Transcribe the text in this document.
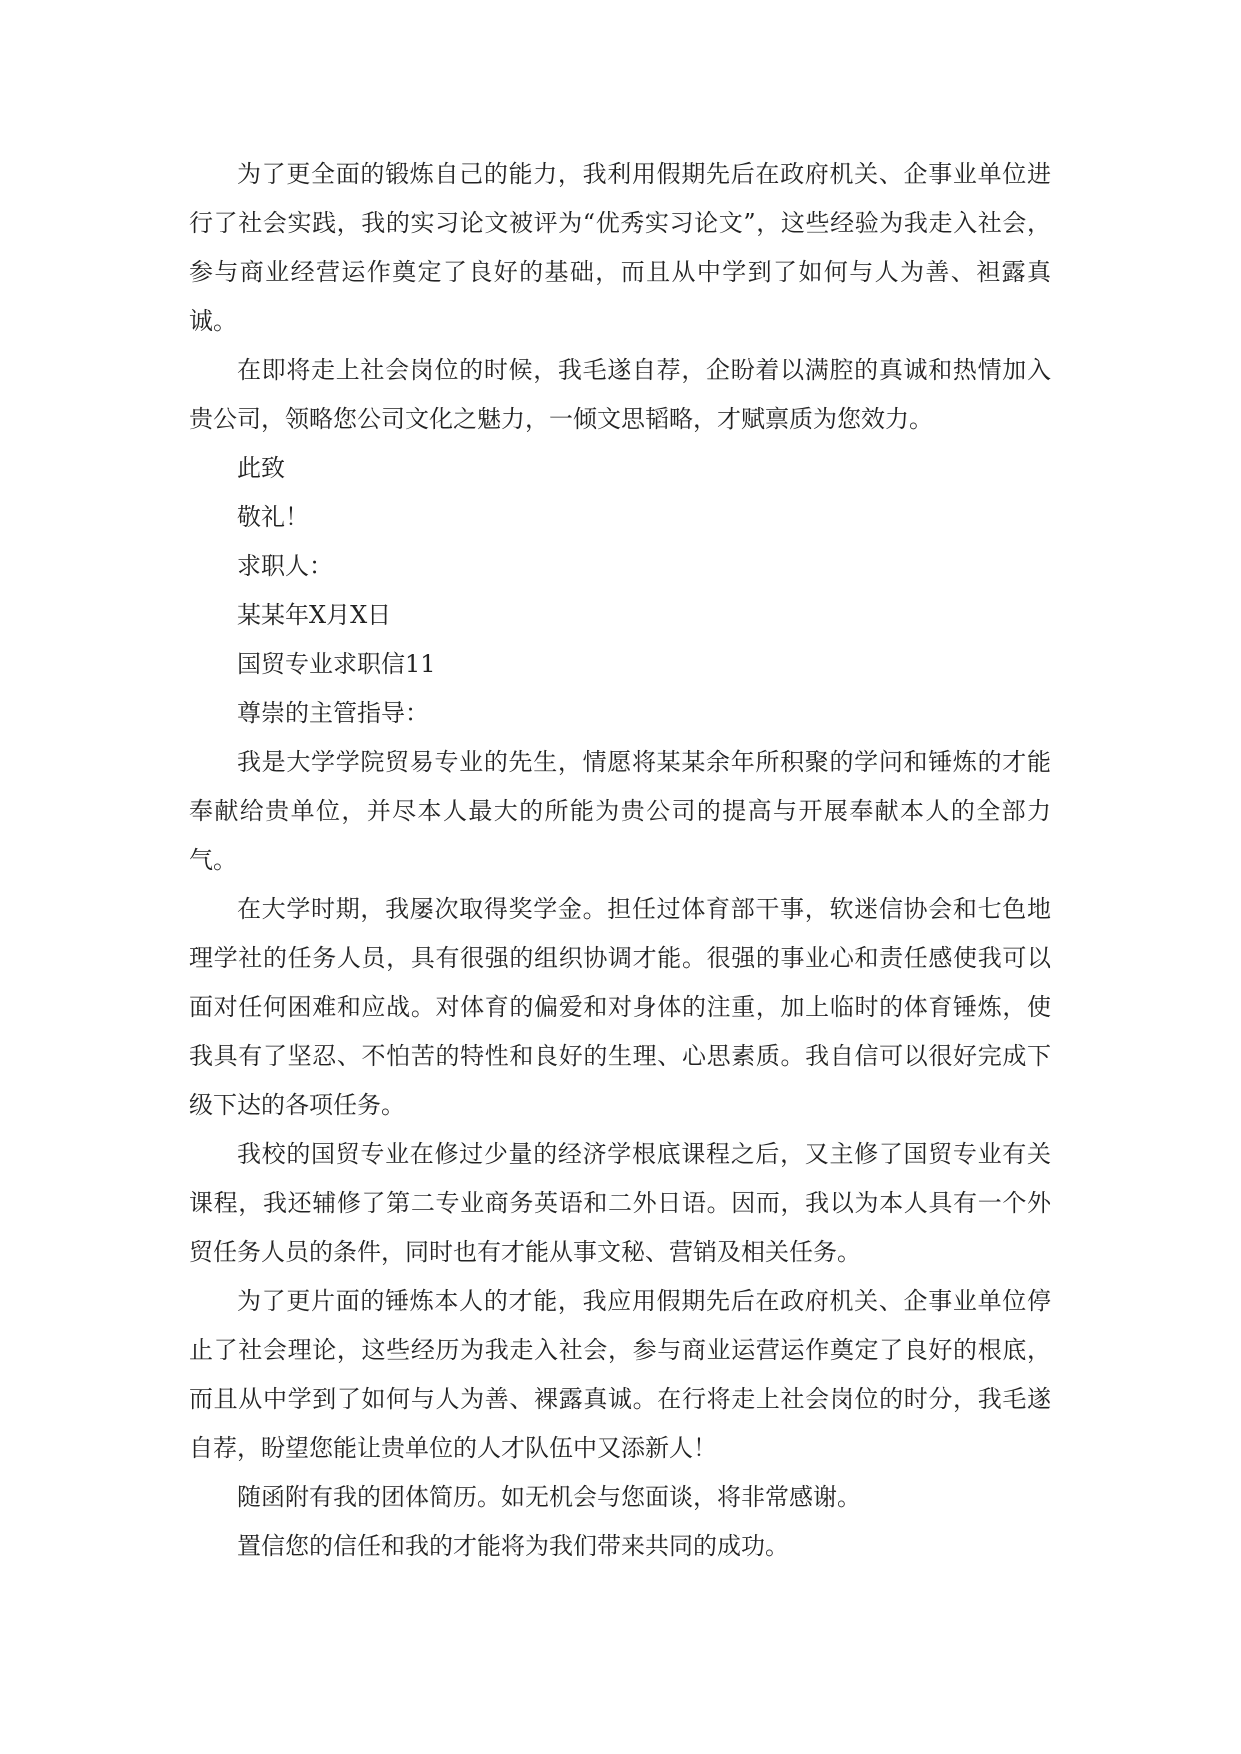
为了更全面的锻炼自己的能力，我利用假期先后在政府机关、企事业单位进行了社会实践，我的实习论文被评为“优秀实习论文”，这些经验为我走入社会，参与商业经营运作奠定了良好的基础，而且从中学到了如何与人为善、袒露真诚。

在即将走上社会岗位的时候，我毛遂自荐，企盼着以满腔的真诚和热情加入贵公司，领略您公司文化之魅力，一倾文思韬略，才赋禀质为您效力。

此致

敬礼！

求职人：

某某年X月X日

国贸专业求职信11

尊崇的主管指导：

我是大学学院贸易专业的先生，情愿将某某余年所积聚的学问和锤炼的才能奉献给贵单位，并尽本人最大的所能为贵公司的提高与开展奉献本人的全部力气。

在大学时期，我屡次取得奖学金。担任过体育部干事，软迷信协会和七色地理学社的任务人员，具有很强的组织协调才能。很强的事业心和责任感使我可以面对任何困难和应战。对体育的偏爱和对身体的注重，加上临时的体育锤炼，使我具有了坚忍、不怕苦的特性和良好的生理、心思素质。我自信可以很好完成下级下达的各项任务。

我校的国贸专业在修过少量的经济学根底课程之后，又主修了国贸专业有关课程，我还辅修了第二专业商务英语和二外日语。因而，我以为本人具有一个外贸任务人员的条件，同时也有才能从事文秘、营销及相关任务。

为了更片面的锤炼本人的才能，我应用假期先后在政府机关、企事业单位停止了社会理论，这些经历为我走入社会，参与商业运营运作奠定了良好的根底，而且从中学到了如何与人为善、裸露真诚。在行将走上社会岗位的时分，我毛遂自荐，盼望您能让贵单位的人才队伍中又添新人！

随函附有我的团体简历。如无机会与您面谈，将非常感谢。

置信您的信任和我的才能将为我们带来共同的成功。
